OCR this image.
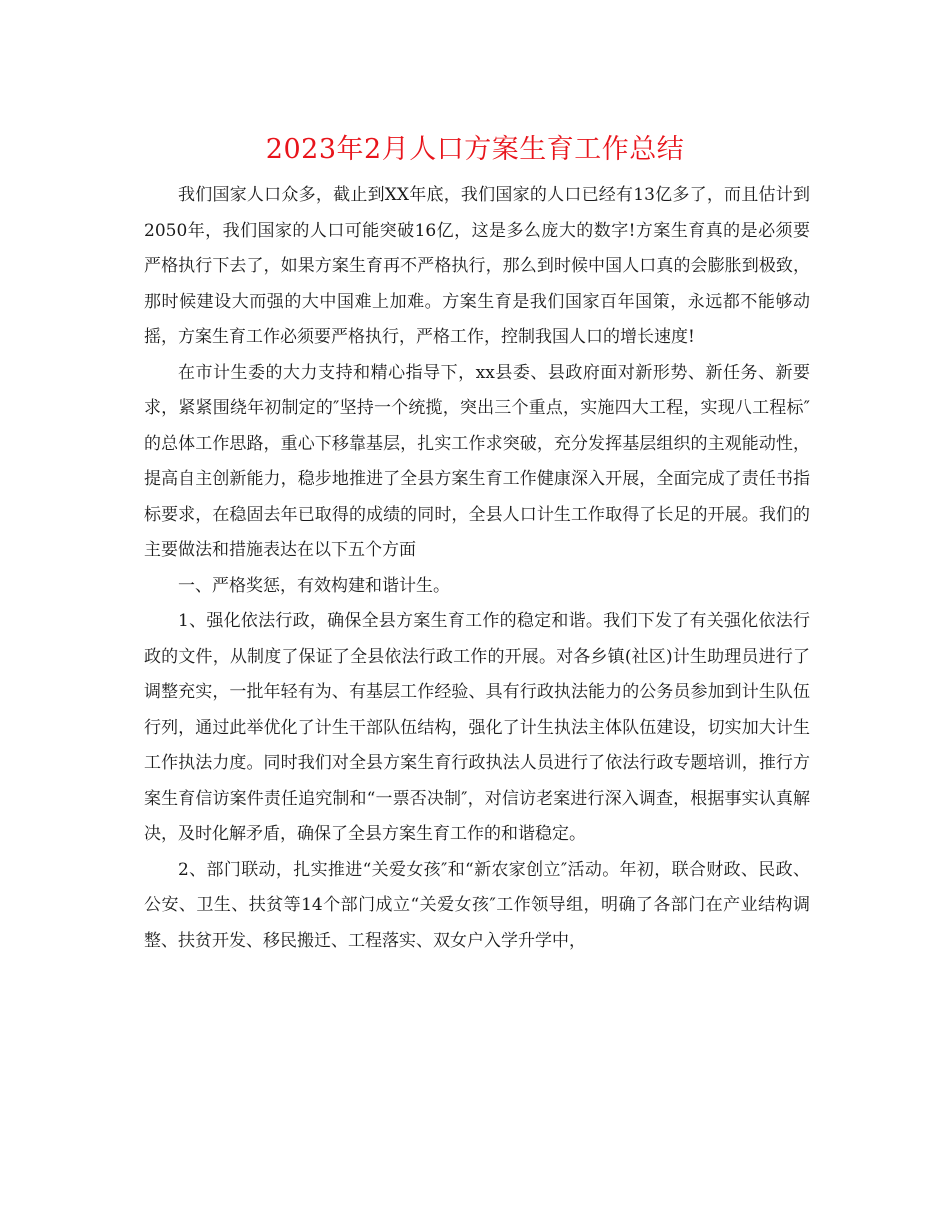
2023年2月人口方案生育工作总结

我们国家人口众多，截止到XX年底，我们国家的人口已经有13亿多了，而且估计到2050年，我们国家的人口可能突破16亿，这是多么庞大的数字!方案生育真的是必须要严格执行下去了，如果方案生育再不严格执行，那么到时候中国人口真的会膨胀到极致，那时候建设大而强的大中国难上加难。方案生育是我们国家百年国策，永远都不能够动摇，方案生育工作必须要严格执行，严格工作，控制我国人口的增长速度!

在市计生委的大力支持和精心指导下，xx县委、县政府面对新形势、新任务、新要求，紧紧围绕年初制定的″坚持一个统揽，突出三个重点，实施四大工程，实现八工程标″的总体工作思路，重心下移靠基层，扎实工作求突破，充分发挥基层组织的主观能动性，提高自主创新能力，稳步地推进了全县方案生育工作健康深入开展，全面完成了责任书指标要求，在稳固去年已取得的成绩的同时，全县人口计生工作取得了长足的开展。我们的主要做法和措施表达在以下五个方面

一、严格奖惩，有效构建和谐计生。

1、强化依法行政，确保全县方案生育工作的稳定和谐。我们下发了有关强化依法行政的文件，从制度了保证了全县依法行政工作的开展。对各乡镇(社区)计生助理员进行了调整充实，一批年轻有为、有基层工作经验、具有行政执法能力的公务员参加到计生队伍行列，通过此举优化了计生干部队伍结构，强化了计生执法主体队伍建设，切实加大计生工作执法力度。同时我们对全县方案生育行政执法人员进行了依法行政专题培训，推行方案生育信访案件责任追究制和“一票否决制″，对信访老案进行深入调查，根据事实认真解决，及时化解矛盾，确保了全县方案生育工作的和谐稳定。

2、部门联动，扎实推进“关爱女孩″和“新农家创立″活动。年初，联合财政、民政、公安、卫生、扶贫等14个部门成立“关爱女孩″工作领导组，明确了各部门在产业结构调整、扶贫开发、移民搬迁、工程落实、双女户入学升学中，
